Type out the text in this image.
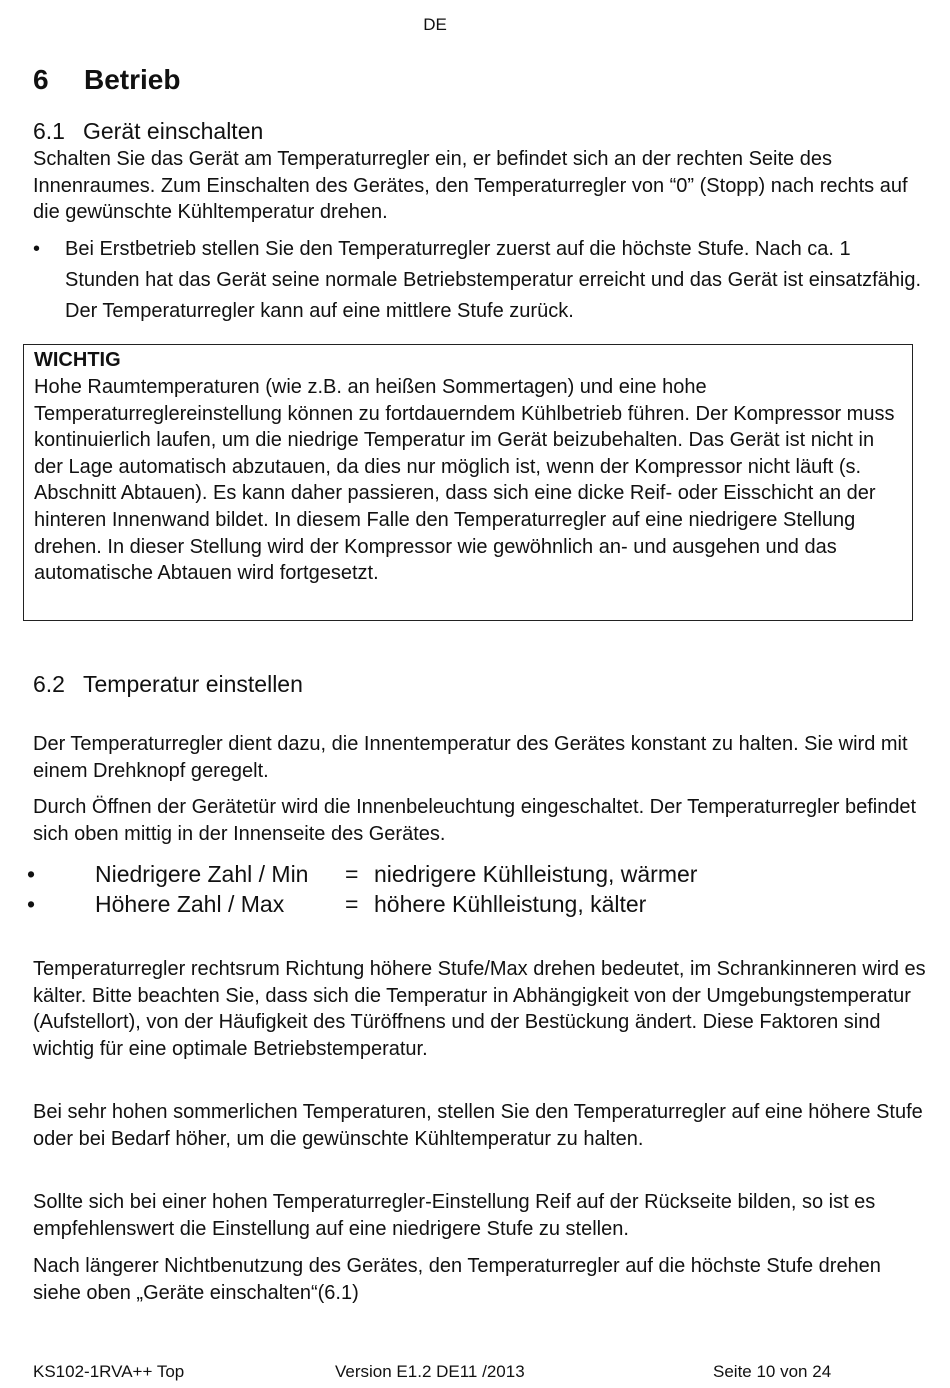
DE
6 Betrieb
6.1 Gerät einschalten

Schalten Sie das Gerät am Temperaturregler ein, er befindet sich an der rechten Seite des Innenraumes. Zum Einschalten des Gerätes, den Temperaturregler von “0” (Stopp) nach rechts auf die gewünschte Kühltemperatur drehen.

•	Bei Erstbetrieb stellen Sie den Temperaturregler zuerst auf die höchste Stufe. Nach ca. 1 Stunden hat das Gerät seine normale Betriebstemperatur erreicht und das Gerät ist einsatzfähig. Der Temperaturregler kann auf eine mittlere Stufe zurück.
WICHTIG

Hohe Raumtemperaturen (wie z.B. an heißen Sommertagen) und eine hohe Temperaturreglereinstellung können zu fortdauerndem Kühlbetrieb führen. Der Kompressor muss kontinuierlich laufen, um die niedrige Temperatur im Gerät beizubehalten. Das Gerät ist nicht in der Lage automatisch abzutauen, da dies nur möglich ist, wenn der Kompressor nicht läuft (s. Abschnitt Abtauen). Es kann daher passieren, dass sich eine dicke Reif- oder Eisschicht an der hinteren Innenwand bildet. In diesem Falle den Temperaturregler auf eine niedrigere Stellung drehen. In dieser Stellung wird der Kompressor wie gewöhnlich an- und ausgehen und das automatische Abtauen wird fortgesetzt.

6.2 Temperatur einstellen

Der Temperaturregler dient dazu, die Innentemperatur des Gerätes konstant zu halten. Sie wird mit einem Drehknopf geregelt.

Durch Öffnen der Gerätetür wird die Innenbeleuchtung eingeschaltet. Der Temperaturregler befindet sich oben mittig in der Innenseite des Gerätes.

•	Niedrigere Zahl / Min = niedrigere Kühlleistung, wärmer
•	Höhere Zahl / Max	= höhere Kühlleistung, kälter

Temperaturregler rechtsrum Richtung höhere Stufe/Max drehen bedeutet, im Schrankinneren wird es kälter. Bitte beachten Sie, dass sich die Temperatur in Abhängigkeit von der Umgebungstemperatur (Aufstellort), von der Häufigkeit des Türöffnens und der Bestückung ändert. Diese Faktoren sind wichtig für eine optimale Betriebstemperatur.

Bei sehr hohen sommerlichen Temperaturen, stellen Sie den Temperaturregler auf eine höhere Stufe oder bei Bedarf höher, um die gewünschte Kühltemperatur zu halten.

Sollte sich bei einer hohen Temperaturregler-Einstellung Reif auf der Rückseite bilden, so ist es empfehlenswert die Einstellung auf eine niedrigere Stufe zu stellen.

Nach längerer Nichtbenutzung des Gerätes, den Temperaturregler auf die höchste Stufe drehen siehe oben „Geräte einschalten“(6.1)

KS102-1RVA++ Top	Version E1.2 DE11 /2013	Seite 10 von 24
